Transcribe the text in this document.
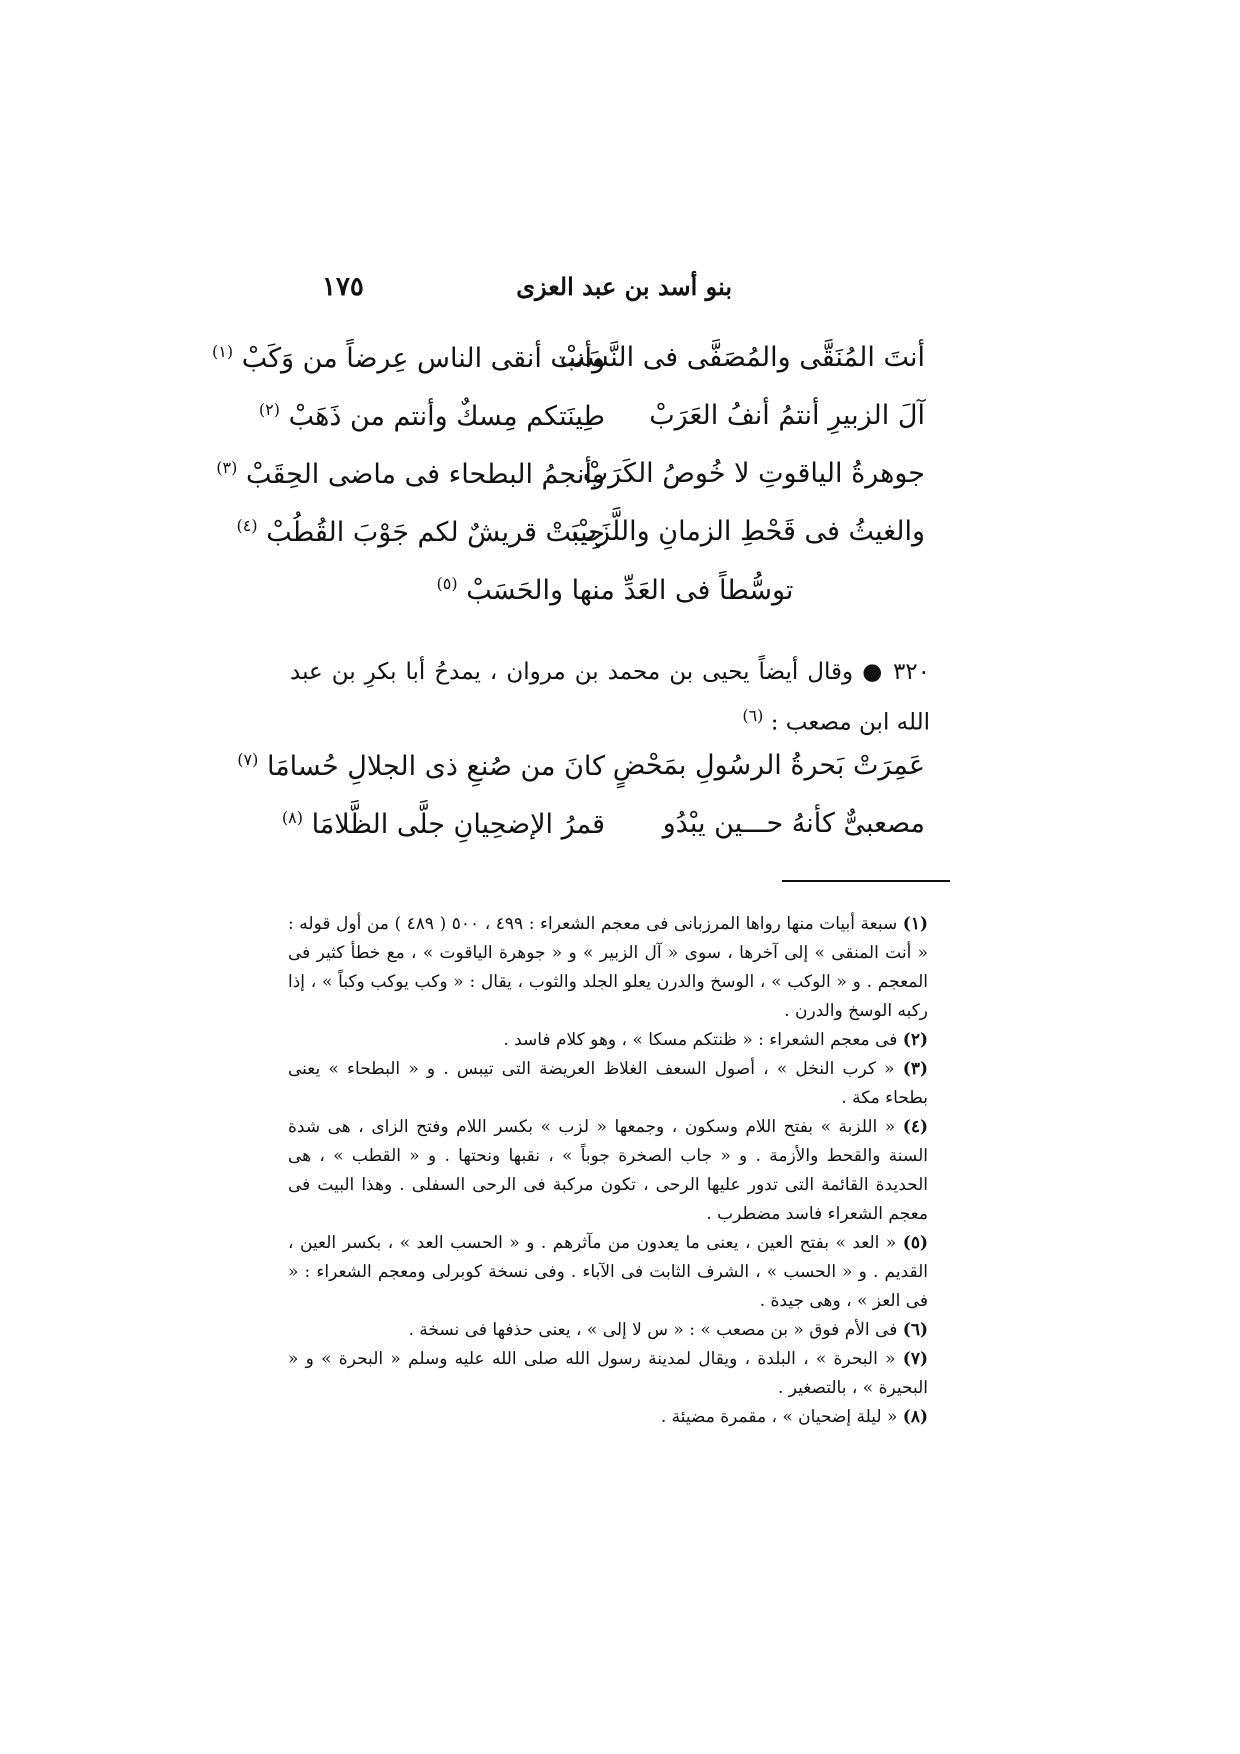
بنو أسد بن عبد العزى
١٧٥
أنتَ المُنَقَّى والمُصَفَّى فى النَّسَبْ
وأنت أنقى الناس عِرضاً من وَكَبْ $^{(١)}$
آلَ الزبيرِ أنتمُ أنفُ العَرَبْ
طِينَتكم مِسكٌ وأنتم من ذَهَبْ $^{(٢)}$
جوهرةُ الياقوتِ لا خُوصُ الكَرَبْ
وأنجمُ البطحاء فى ماضى الحِقَبْ $^{(٣)}$
والغيثُ فى قَحْطِ الزمانِ واللَّزَبْ
جِيبَتْ قريشٌ لكم جَوْبَ القُطُبْ $^{(٤)}$
توسُّطاً فى العَدِّ منها والحَسَبْ $^{(٥)}$
٣٢٠ ● وقال أيضاً يحيى بن محمد بن مروان ، يمدحُ أبا بكرِ بن عبد الله ابن مصعب : $^{(٦)}$
عَمِرَتْ بَحرةُ الرسُولِ بمَحْضٍ
كانَ من صُنعِ ذى الجلالِ حُسامَا $^{(٧)}$
مصعبىٌّ كأنهُ حـــين يبْدُو
قمرُ الإضحِيانِ جلَّى الظَّلامَا $^{(٨)}$

(١) سبعة أبيات منها رواها المرزبانى فى معجم الشعراء : ٤٩٩ ، ٥٠٠ ( ٤٨٩ ) من أول قوله : « أنت المنقى » إلى آخرها ، سوى « آل الزبير » و « جوهرة الياقوت » ، مع خطأ كثير فى المعجم . و « الوكب » ، الوسخ والدرن يعلو الجلد والثوب ، يقال : « وكب يوكب وكباً » ، إذا ركبه الوسخ والدرن .

(٢) فى معجم الشعراء : « ظنتكم مسكا » ، وهو كلام فاسد .

(٣) « كرب النخل » ، أصول السعف الغلاظ العريضة التى تيبس . و « البطحاء » يعنى بطحاء مكة .

(٤) « اللزبة » بفتح اللام وسكون ، وجمعها « لزب » بكسر اللام وفتح الزاى ، هى شدة السنة والقحط والأزمة . و « جاب الصخرة جوباً » ، نقبها ونحتها . و « القطب » ، هى الحديدة القائمة التى تدور عليها الرحى ، تكون مركبة فى الرحى السفلى . وهذا البيت فى معجم الشعراء فاسد مضطرب .

(٥) « العد » بفتح العين ، يعنى ما يعدون من مآثرهم . و « الحسب العد » ، بكسر العين ، القديم . و « الحسب » ، الشرف الثابت فى الآباء . وفى نسخة كوبرلى ومعجم الشعراء : « فى العز » ، وهى جيدة .

(٦) فى الأم فوق « بن مصعب » : « س لا إلى » ، يعنى حذفها فى نسخة .

(٧) « البحرة » ، البلدة ، ويقال لمدينة رسول الله صلى الله عليه وسلم « البحرة » و « البحيرة » ، بالتصغير .

(٨) « ليلة إضحيان » ، مقمرة مضيئة .
